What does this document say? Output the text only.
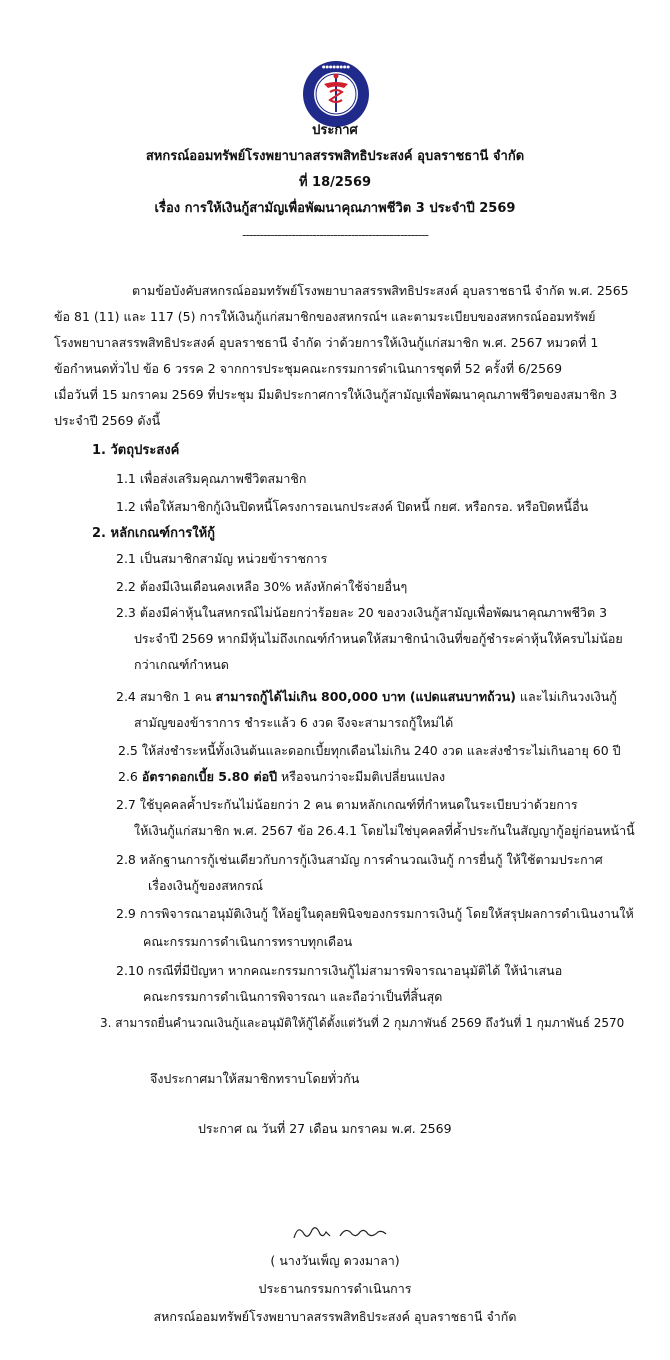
●●●●●●●●
ประกาศ
สหกรณ์ออมทรัพย์โรงพยาบาลสรรพสิทธิประสงค์ อุบลราชธานี จำกัด
ที่ 18/2569
เรื่อง การให้เงินกู้สามัญเพื่อพัฒนาคุณภาพชีวิต 3 ประจำปี 2569
-----------------------------------------------------
ตามข้อบังคับสหกรณ์ออมทรัพย์โรงพยาบาลสรรพสิทธิประสงค์ อุบลราชธานี จำกัด พ.ศ. 2565
ข้อ 81 (11) และ 117 (5) การให้เงินกู้แก่สมาชิกของสหกรณ์ฯ และตามระเบียบของสหกรณ์ออมทรัพย์
โรงพยาบาลสรรพสิทธิประสงค์ อุบลราชธานี จำกัด ว่าด้วยการให้เงินกู้แก่สมาชิก พ.ศ. 2567 หมวดที่ 1
ข้อกำหนดทั่วไป ข้อ 6 วรรค 2 จากการประชุมคณะกรรมการดำเนินการชุดที่ 52 ครั้งที่ 6/2569
เมื่อวันที่ 15 มกราคม 2569 ที่ประชุม มีมติประกาศการให้เงินกู้สามัญเพื่อพัฒนาคุณภาพชีวิตของสมาชิก 3
ประจำปี 2569 ดังนี้
1. วัตถุประสงค์
1.1 เพื่อส่งเสริมคุณภาพชีวิตสมาชิก
1.2 เพื่อให้สมาชิกกู้เงินปิดหนี้โครงการอเนกประสงค์ ปิดหนี้ กยศ. หรือกรอ. หรือปิดหนี้อื่น
2. หลักเกณฑ์การให้กู้
2.1 เป็นสมาชิกสามัญ หน่วยข้าราชการ
2.2 ต้องมีเงินเดือนคงเหลือ 30% หลังหักค่าใช้จ่ายอื่นๆ
2.3 ต้องมีค่าหุ้นในสหกรณ์ไม่น้อยกว่าร้อยละ 20 ของวงเงินกู้สามัญเพื่อพัฒนาคุณภาพชีวิต 3
ประจำปี 2569 หากมีหุ้นไม่ถึงเกณฑ์กำหนดให้สมาชิกนำเงินที่ขอกู้ชำระค่าหุ้นให้ครบไม่น้อย
กว่าเกณฑ์กำหนด
2.4 สมาชิก 1 คน สามารถกู้ได้ไม่เกิน 800,000 บาท (แปดแสนบาทถ้วน) และไม่เกินวงเงินกู้
สามัญของข้าราการ ชำระแล้ว 6 งวด จึงจะสามารถกู้ใหม่ได้
2.5 ให้ส่งชำระหนี้ทั้งเงินต้นและดอกเบี้ยทุกเดือนไม่เกิน 240 งวด และส่งชำระไม่เกินอายุ 60 ปี
2.6 อัตราดอกเบี้ย 5.80 ต่อปี หรือจนกว่าจะมีมติเปลี่ยนแปลง
2.7 ใช้บุคคลค้ำประกันไม่น้อยกว่า 2 คน ตามหลักเกณฑ์ที่กำหนดในระเบียบว่าด้วยการ
ให้เงินกู้แก่สมาชิก พ.ศ. 2567 ข้อ 26.4.1 โดยไม่ใช่บุคคลที่ค้ำประกันในสัญญากู้อยู่ก่อนหน้านี้
2.8 หลักฐานการกู้เช่นเดียวกับการกู้เงินสามัญ การคำนวณเงินกู้ การยื่นกู้ ให้ใช้ตามประกาศ
เรื่องเงินกู้ของสหกรณ์
2.9 การพิจารณาอนุมัติเงินกู้ ให้อยู่ในดุลยพินิจของกรรมการเงินกู้ โดยให้สรุปผลการดำเนินงานให้
คณะกรรมการดำเนินการทราบทุกเดือน
2.10 กรณีที่มีปัญหา หากคณะกรรมการเงินกู้ไม่สามารพิจารณาอนุมัติได้ ให้นำเสนอ
คณะกรรมการดำเนินการพิจารณา และถือว่าเป็นที่สิ้นสุด
3. สามารถยื่นคำนวณเงินกู้และอนุมัติให้กู้ได้ตั้งแต่วันที่ 2 กุมภาพันธ์ 2569 ถึงวันที่ 1 กุมภาพันธ์ 2570
จึงประกาศมาให้สมาชิกทราบโดยทั่วกัน
ประกาศ ณ วันที่ 27 เดือน มกราคม พ.ศ. 2569
( นางวันเพ็ญ ดวงมาลา)
ประธานกรรมการดำเนินการ
สหกรณ์ออมทรัพย์โรงพยาบาลสรรพสิทธิประสงค์ อุบลราชธานี จำกัด
